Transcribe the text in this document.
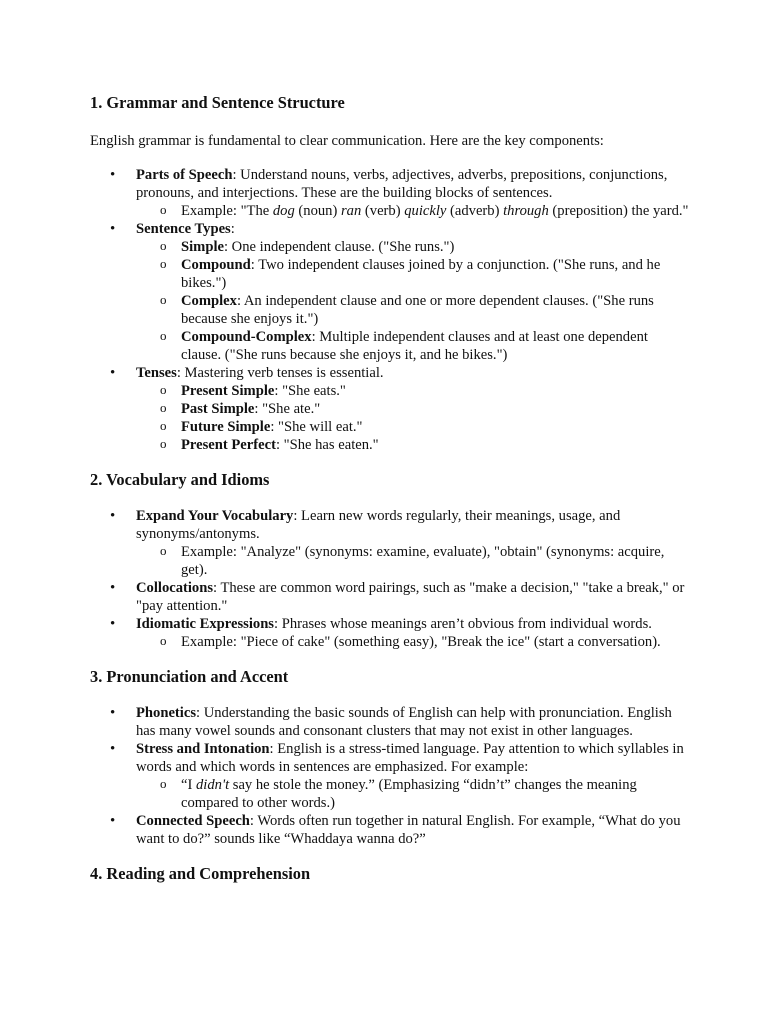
1. Grammar and Sentence Structure

English grammar is fundamental to clear communication. Here are the key components:

• Parts of Speech: Understand nouns, verbs, adjectives, adverbs, prepositions, conjunctions, pronouns, and interjections. These are the building blocks of sentences.
o Example: "The dog (noun) ran (verb) quickly (adverb) through (preposition) the yard."
• Sentence Types:
o Simple: One independent clause. ("She runs.")
o Compound: Two independent clauses joined by a conjunction. ("She runs, and he bikes.")
o Complex: An independent clause and one or more dependent clauses. ("She runs because she enjoys it.")
o Compound-Complex: Multiple independent clauses and at least one dependent clause. ("She runs because she enjoys it, and he bikes.")
• Tenses: Mastering verb tenses is essential.
o Present Simple: "She eats."
o Past Simple: "She ate."
o Future Simple: "She will eat."
o Present Perfect: "She has eaten."
2. Vocabulary and Idioms
• Expand Your Vocabulary: Learn new words regularly, their meanings, usage, and synonyms/antonyms.
o Example: "Analyze" (synonyms: examine, evaluate), "obtain" (synonyms: acquire, get).
• Collocations: These are common word pairings, such as "make a decision," "take a break," or "pay attention."
• Idiomatic Expressions: Phrases whose meanings aren’t obvious from individual words.
o Example: "Piece of cake" (something easy), "Break the ice" (start a conversation).
3. Pronunciation and Accent
• Phonetics: Understanding the basic sounds of English can help with pronunciation. English has many vowel sounds and consonant clusters that may not exist in other languages.
• Stress and Intonation: English is a stress-timed language. Pay attention to which syllables in words and which words in sentences are emphasized. For example:
o “I didn't say he stole the money.” (Emphasizing “didn’t” changes the meaning compared to other words.)
• Connected Speech: Words often run together in natural English. For example, “What do you want to do?” sounds like “Whaddaya wanna do?”
4. Reading and Comprehension
